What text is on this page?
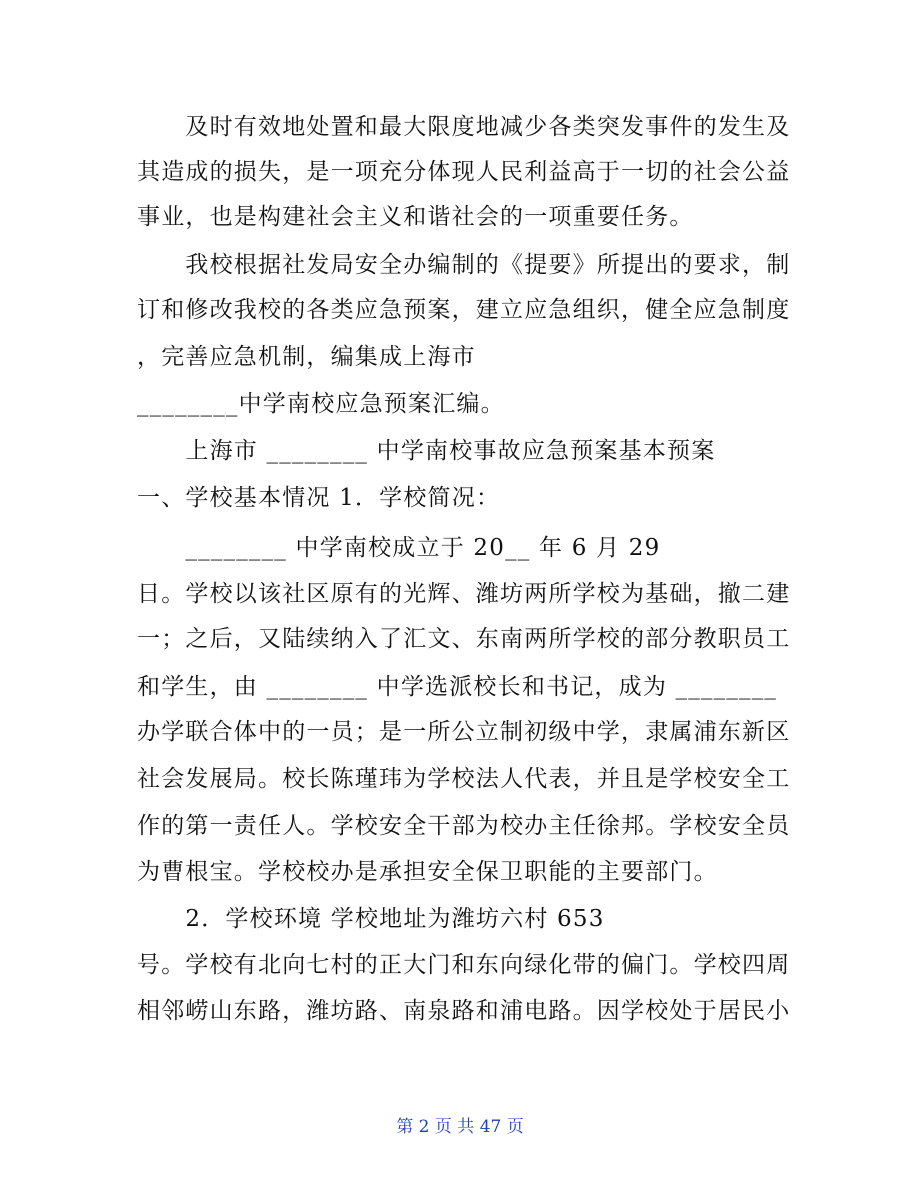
　　及时有效地处置和最大限度地减少各类突发事件的发生及
其造成的损失，是一项充分体现人民利益高于一切的社会公益
事业，也是构建社会主义和谐社会的一项重要任务。
　　我校根据社发局安全办编制的《提要》所提出的要求，制
订和修改我校的各类应急预案，建立应急组织，健全应急制度
，完善应急机制，编集成上海市
________中学南校应急预案汇编。
　　上海市 ________ 中学南校事故应急预案基本预案
一、学校基本情况 1．学校简况：
　　________ 中学南校成立于 20__ 年 6 月 29
日。学校以该社区原有的光辉、潍坊两所学校为基础，撤二建
一；之后，又陆续纳入了汇文、东南两所学校的部分教职员工
和学生，由 ________ 中学选派校长和书记，成为 ________
办学联合体中的一员；是一所公立制初级中学，隶属浦东新区
社会发展局。校长陈瑾玮为学校法人代表，并且是学校安全工
作的第一责任人。学校安全干部为校办主任徐邦。学校安全员
为曹根宝。学校校办是承担安全保卫职能的主要部门。
　　2．学校环境 学校地址为潍坊六村 653
号。学校有北向七村的正大门和东向绿化带的偏门。学校四周
相邻崂山东路，潍坊路、南泉路和浦电路。因学校处于居民小
第 2 页 共 47 页
